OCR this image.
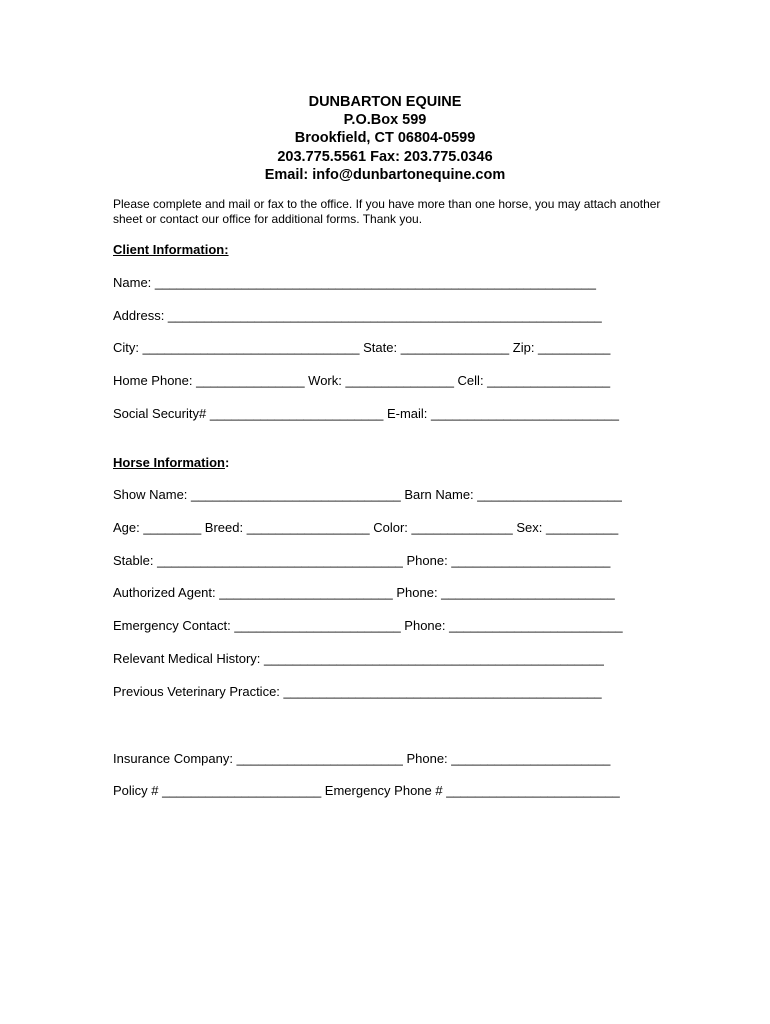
DUNBARTON EQUINE
P.O.Box 599
Brookfield, CT 06804-0599
203.775.5561 Fax: 203.775.0346
Email: info@dunbartonequine.com
Please complete and mail or fax to the office. If you have more than one horse, you may attach another sheet or contact our office for additional forms. Thank you.
Client Information:
Name: _____________________________________________________________
Address: ____________________________________________________________
City: ______________________________ State: _______________ Zip: __________
Home Phone: _______________ Work: _______________ Cell: _________________
Social Security# ________________________ E-mail: __________________________
Horse Information:
Show Name: _____________________________ Barn Name: ____________________
Age: ________ Breed: _________________ Color: ______________ Sex: __________
Stable: __________________________________ Phone: ______________________
Authorized Agent: ________________________ Phone: ________________________
Emergency Contact: _______________________ Phone: ________________________
Relevant Medical History: _______________________________________________
Previous Veterinary Practice: ____________________________________________
Insurance Company: _______________________ Phone: ______________________
Policy # ______________________ Emergency Phone # ________________________
